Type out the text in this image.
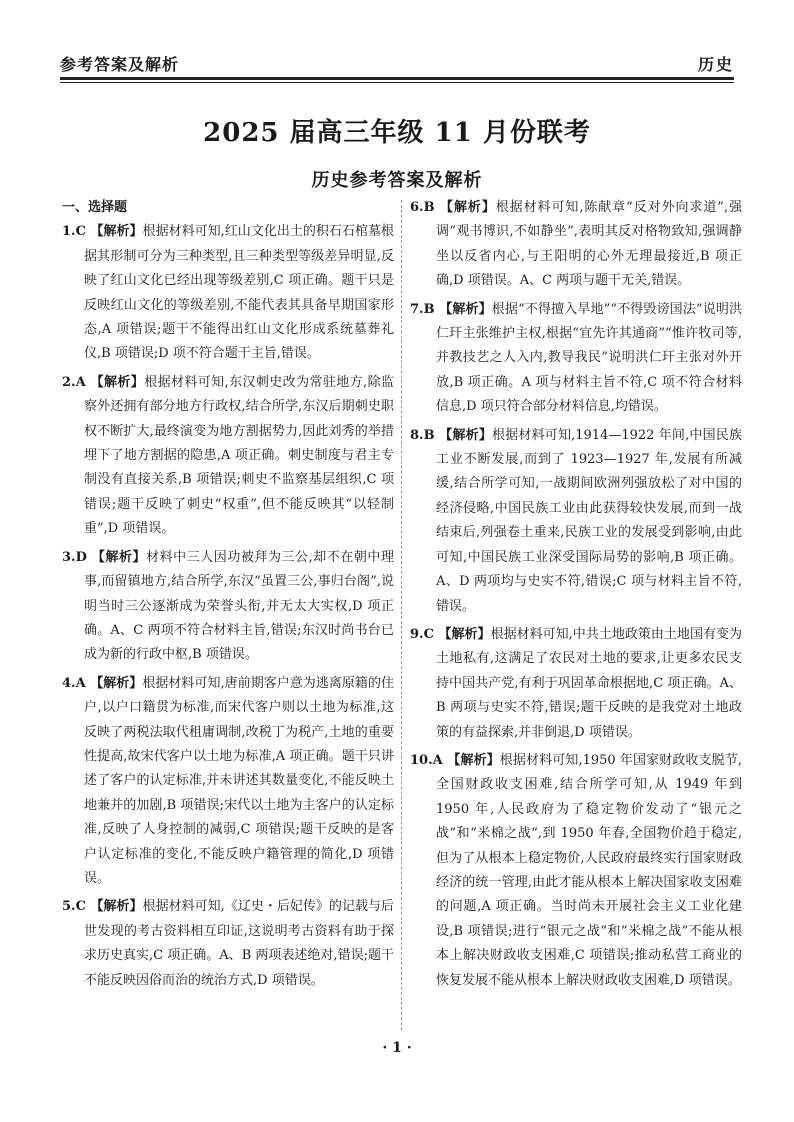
参考答案及解析	历史
2025 届高三年级 11 月份联考
历史参考答案及解析

一、选择题

1.C 【解析】根据材料可知,红山文化出土的积石石棺墓根据其形制可分为三种类型,且三种类型等级差异明显,反映了红山文化已经出现等级差别,C 项正确。题干只是反映红山文化的等级差别,不能代表其具备早期国家形态,A 项错误;题干不能得出红山文化形成系统墓葬礼仪,B 项错误;D 项不符合题干主旨,错误。

2.A 【解析】根据材料可知,东汉刺史改为常驻地方,除监察外还拥有部分地方行政权,结合所学,东汉后期刺史职权不断扩大,最终演变为地方割据势力,因此刘秀的举措埋下了地方割据的隐患,A 项正确。刺史制度与君主专制没有直接关系,B 项错误;刺史不监察基层组织,C 项错误;题干反映了刺史“权重”,但不能反映其“以轻制重”,D 项错误。

3.D 【解析】材料中三人因功被拜为三公,却不在朝中理事,而留镇地方,结合所学,东汉“虽置三公,事归台阁”,说明当时三公逐渐成为荣誉头衔,并无太大实权,D 项正确。A、C 两项不符合材料主旨,错误;东汉时尚书台已成为新的行政中枢,B 项错误。

4.A 【解析】根据材料可知,唐前期客户意为逃离原籍的住户,以户口籍贯为标准,而宋代客户则以土地为标准,这反映了两税法取代租庸调制,改税丁为税产,土地的重要性提高,故宋代客户以土地为标准,A 项正确。题干只讲述了客户的认定标准,并未讲述其数量变化,不能反映土地兼并的加剧,B 项错误;宋代以土地为主客户的认定标准,反映了人身控制的减弱,C 项错误;题干反映的是客户认定标准的变化,不能反映户籍管理的简化,D 项错误。

5.C 【解析】根据材料可知,《辽史・后妃传》的记载与后世发现的考古资料相互印证,这说明考古资料有助于探求历史真实,C 项正确。A、B 两项表述绝对,错误;题干不能反映因俗而治的统治方式,D 项错误。

6.B 【解析】根据材料可知,陈献章“反对外向求道”,强调“观书博识,不如静坐”,表明其反对格物致知,强调静坐以反省内心,与王阳明的心外无理最接近,B 项正确,D 项错误。A、C 两项与题干无关,错误。

7.B 【解析】根据“不得擅入旱地”“不得毁谤国法”说明洪仁玕主张维护主权,根据“宜先许其通商”“惟许牧司等,并教技艺之人入内,教导我民”说明洪仁玕主张对外开放,B 项正确。A 项与材料主旨不符,C 项不符合材料信息,D 项只符合部分材料信息,均错误。

8.B 【解析】根据材料可知,1914—1922 年间,中国民族工业不断发展,而到了 1923—1927 年,发展有所减缓,结合所学可知,一战期间欧洲列强放松了对中国的经济侵略,中国民族工业由此获得较快发展,而到一战结束后,列强卷土重来,民族工业的发展受到影响,由此可知,中国民族工业深受国际局势的影响,B 项正确。A、D 两项均与史实不符,错误;C 项与材料主旨不符,错误。

9.C 【解析】根据材料可知,中共土地政策由土地国有变为土地私有,这满足了农民对土地的要求,让更多农民支持中国共产党,有利于巩固革命根据地,C 项正确。A、B 两项与史实不符,错误;题干反映的是我党对土地政策的有益探索,并非倒退,D 项错误。

10.A 【解析】根据材料可知,1950 年国家财政收支脱节,全国财政收支困难,结合所学可知,从 1949 年到 1950 年,人民政府为了稳定物价发动了“银元之战”和“米棉之战”,到 1950 年春,全国物价趋于稳定,但为了从根本上稳定物价,人民政府最终实行国家财政经济的统一管理,由此才能从根本上解决国家收支困难的问题,A 项正确。当时尚未开展社会主义工业化建设,B 项错误;进行“银元之战”和“米棉之战”不能从根本上解决财政收支困难,C 项错误;推动私营工商业的恢复发展不能从根本上解决财政收支困难,D 项错误。

· 1 ·
